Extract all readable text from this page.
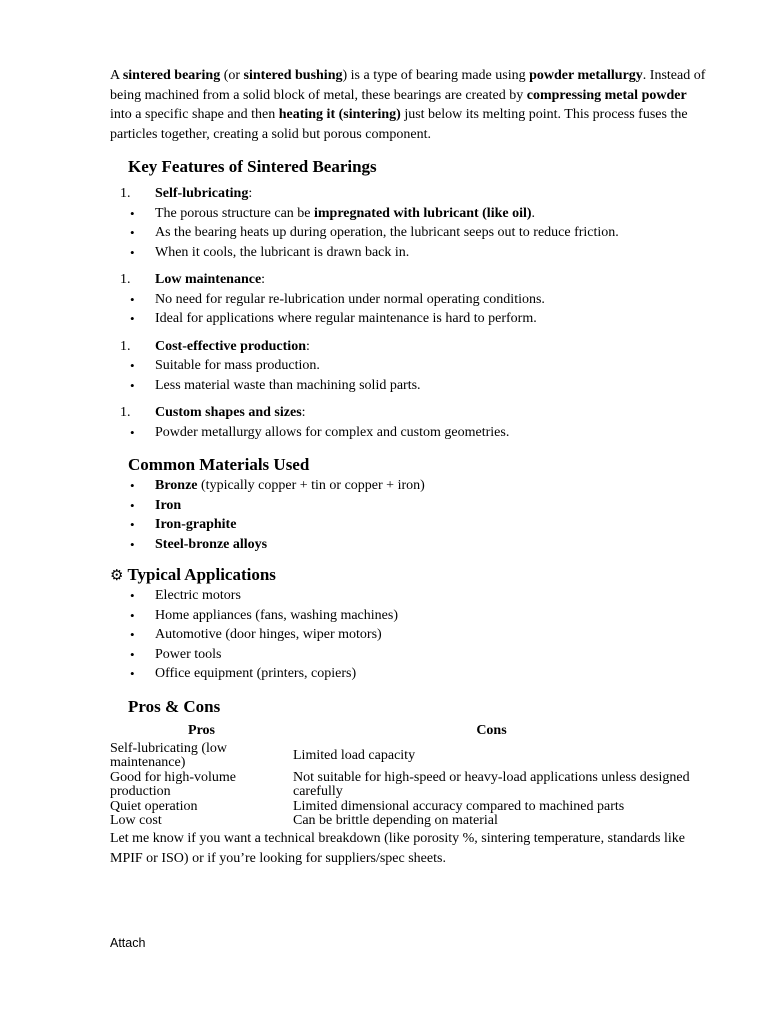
A sintered bearing (or sintered bushing) is a type of bearing made using powder metallurgy. Instead of being machined from a solid block of metal, these bearings are created by compressing metal powder into a specific shape and then heating it (sintering) just below its melting point. This process fuses the particles together, creating a solid but porous component.

Key Features of Sintered Bearings
1. Self-lubricating:
• The porous structure can be impregnated with lubricant (like oil).
• As the bearing heats up during operation, the lubricant seeps out to reduce friction.
• When it cools, the lubricant is drawn back in.
1. Low maintenance:
• No need for regular re-lubrication under normal operating conditions.
• Ideal for applications where regular maintenance is hard to perform.
1. Cost-effective production:
• Suitable for mass production.
• Less material waste than machining solid parts.
1. Custom shapes and sizes:
• Powder metallurgy allows for complex and custom geometries.
Common Materials Used
• Bronze (typically copper + tin or copper + iron)
• Iron
• Iron-graphite
• Steel-bronze alloys
⚙ Typical Applications
• Electric motors
• Home appliances (fans, washing machines)
• Automotive (door hinges, wiper motors)
• Power tools
• Office equipment (printers, copiers)
Pros & Cons
Pros	Cons
Self-lubricating (low maintenance)	Limited load capacity
Good for high-volume production	Not suitable for high-speed or heavy-load applications unless designed carefully
Quiet operation	Limited dimensional accuracy compared to machined parts
Low cost	Can be brittle depending on material

Let me know if you want a technical breakdown (like porosity %, sintering temperature, standards like MPIF or ISO) or if you’re looking for suppliers/spec sheets.

Attach
